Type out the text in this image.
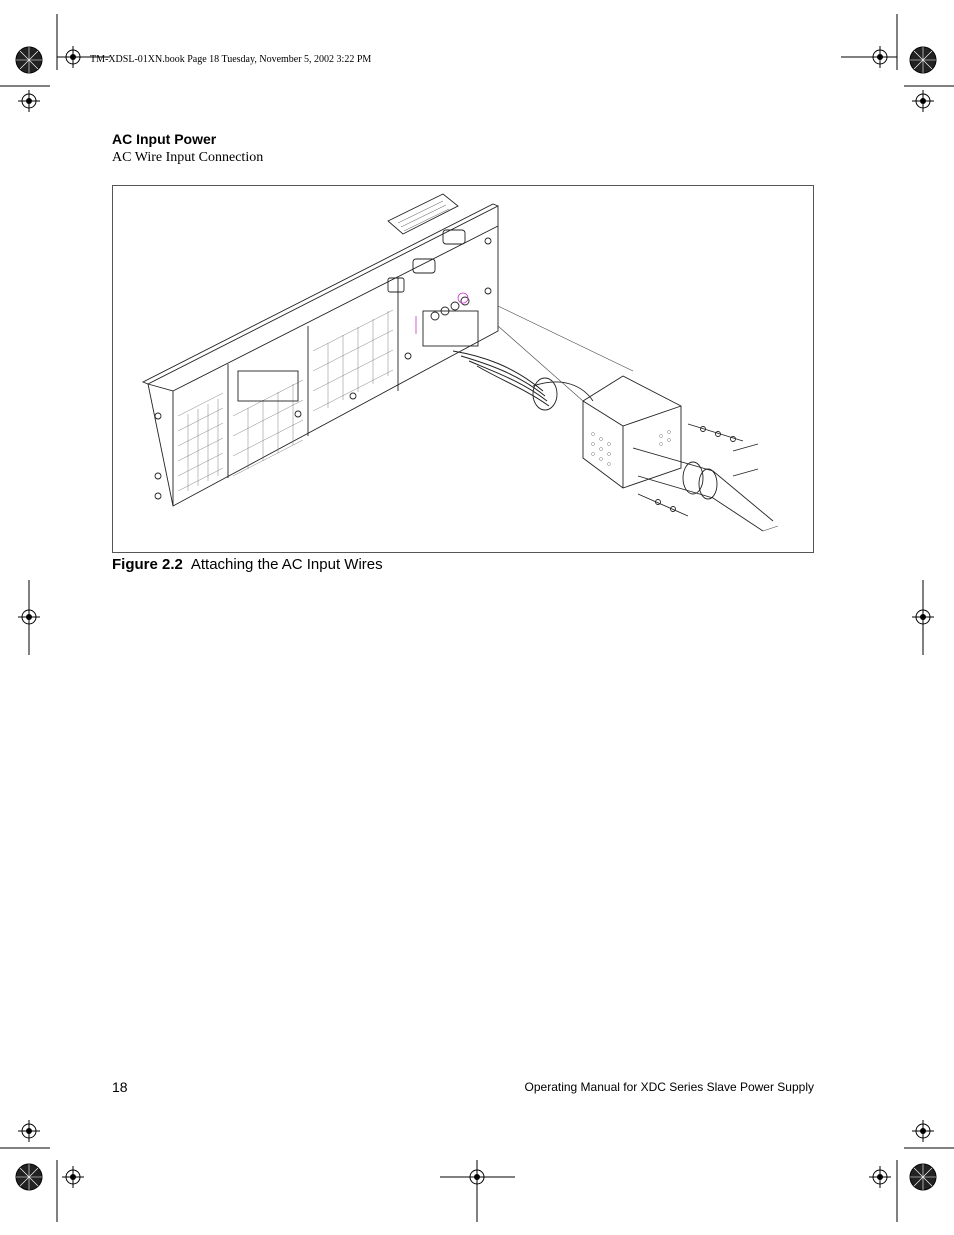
TM-XDSL-01XN.book Page 18 Tuesday, November 5, 2002 3:22 PM
AC Input Power
AC Wire Input Connection
Figure 2.2 Attaching the AC Input Wires
18	Operating Manual for XDC Series Slave Power Supply
